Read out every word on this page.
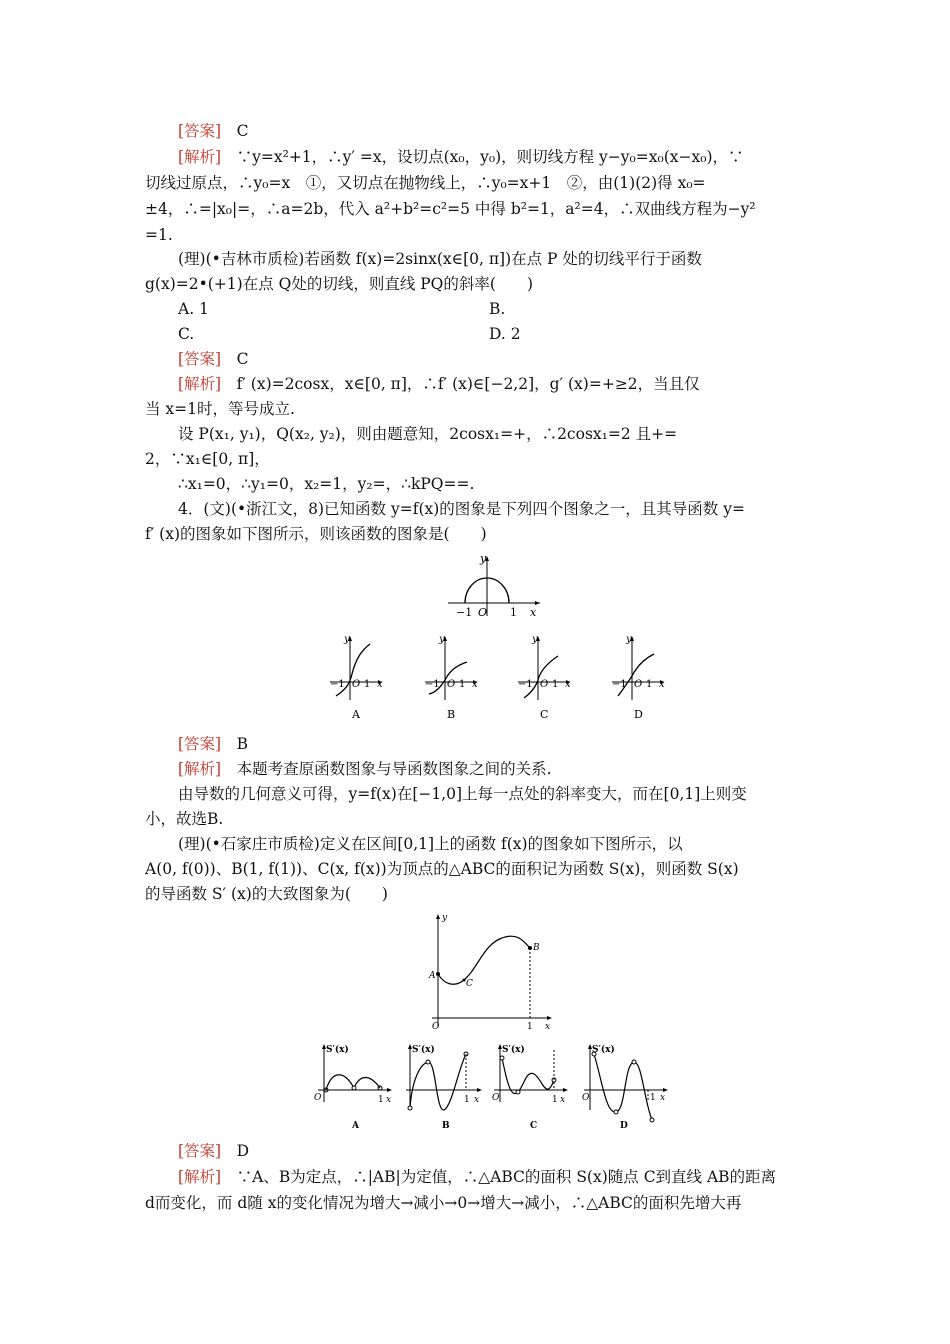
[答案]　 C
[解析]　 ∵y=x²+1，∴y′ =x，设切点(x₀，y₀)，则切线方程 y−y₀=x₀(x−x₀)，∵
切线过原点，∴y₀=x　①，又切点在抛物线上，∴y₀=x+1　②，由(1)(2)得 x₀=
±4，∴=|x₀|=，∴a=2b，代入 a²+b²=c²=5 中得 b²=1，a²=4，∴双曲线方程为−y²
=1.
(理)(•吉林市质检)若函数 f(x)=2sinx(x∈[0, π])在点 P 处的切线平行于函数
g(x)=2•(+1)在点 Q处的切线，则直线 PQ的斜率(　　)
A. 1	B.
C.	D. 2
[答案]　 C
[解析]　 f′ (x)=2cosx，x∈[0, π]，∴f′ (x)∈[−2,2]，g′ (x)=+≥2，当且仅
当 x=1时，等号成立.
设 P(x₁, y₁)，Q(x₂, y₂)，则由题意知，2cosx₁=+，∴2cosx₁=2 且+=
2，∵x₁∈[0, π]，
∴x₁=0，∴y₁=0，x₂=1，y₂=，∴kPQ==.
4．(文)(•浙江文，8)已知函数 y=f(x)的图象是下列四个图象之一，且其导函数 y=
f′ (x)的图象如下图所示，则该函数的图象是(　　)
y
x
−1 O 1
y
−1 O 1 x
A
y
−1 O 1 x
B
y
−1 O 1 x
C
y
−1 O 1 x
D
[答案]　 B
[解析]　 本题考查原函数图象与导函数图象之间的关系.
由导数的几何意义可得，y=f(x)在[−1,0]上每一点处的斜率变大，而在[0,1]上则变
小，故选B.
(理)(•石家庄市质检)定义在区间[0,1]上的函数 f(x)的图象如下图所示，以
A(0, f(0))、B(1, f(1))、C(x, f(x))为顶点的△ABC的面积记为函数 S(x)，则函数 S(x)
的导函数 S′ (x)的大致图象为(　　)
y
A
B
C
O	1 x
S′(x)
O	1 x
A
S′(x)
1 x
B
S′(x)
O	1 x
C
S′(x)
O	1 x
D
[答案]　 D
[解析]　 ∵A、B为定点，∴|AB|为定值，∴△ABC的面积 S(x)随点 C到直线 AB的距离
d而变化，而 d随 x的变化情况为增大→减小→0→增大→减小，∴△ABC的面积先增大再
